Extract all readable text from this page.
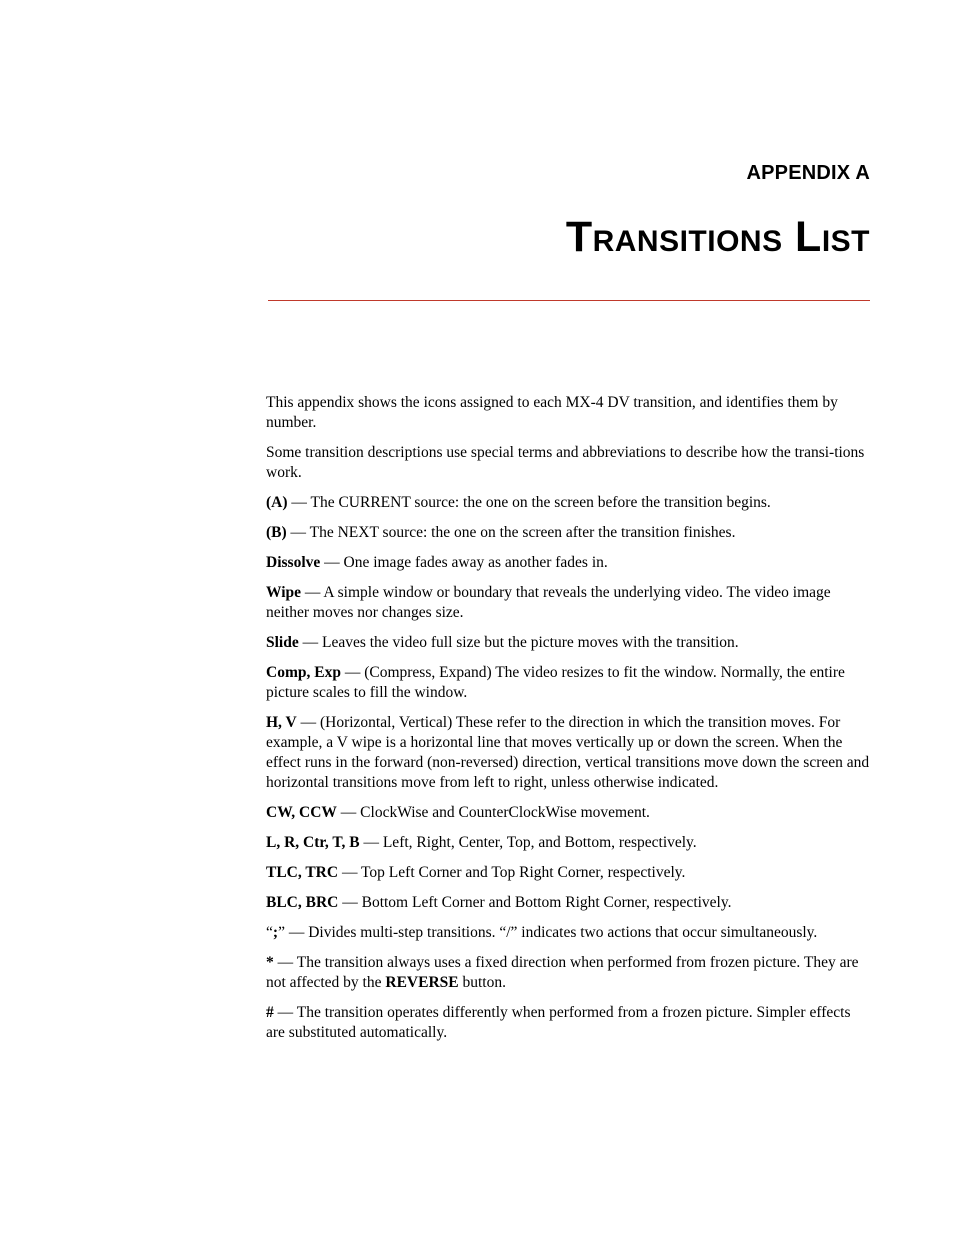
APPENDIX A
Transitions List

This appendix shows the icons assigned to each MX-4 DV transition, and identifies them by number.

Some transition descriptions use special terms and abbreviations to describe how the transi-tions work.

(A) — The CURRENT source: the one on the screen before the transition begins.

(B) — The NEXT source: the one on the screen after the transition finishes.

Dissolve — One image fades away as another fades in.

Wipe — A simple window or boundary that reveals the underlying video. The video image neither moves nor changes size.

Slide — Leaves the video full size but the picture moves with the transition.

Comp, Exp — (Compress, Expand) The video resizes to fit the window. Normally, the entire picture scales to fill the window.

H, V — (Horizontal, Vertical) These refer to the direction in which the transition moves. For example, a V wipe is a horizontal line that moves vertically up or down the screen. When the effect runs in the forward (non-reversed) direction, vertical transitions move down the screen and horizontal transitions move from left to right, unless otherwise indicated.

CW, CCW — ClockWise and CounterClockWise movement.

L, R, Ctr, T, B — Left, Right, Center, Top, and Bottom, respectively.

TLC, TRC — Top Left Corner and Top Right Corner, respectively.

BLC, BRC — Bottom Left Corner and Bottom Right Corner, respectively.

“;” — Divides multi-step transitions. “/” indicates two actions that occur simultaneously.

* — The transition always uses a fixed direction when performed from frozen picture. They are not affected by the REVERSE button.

# — The transition operates differently when performed from a frozen picture. Simpler effects are substituted automatically.
